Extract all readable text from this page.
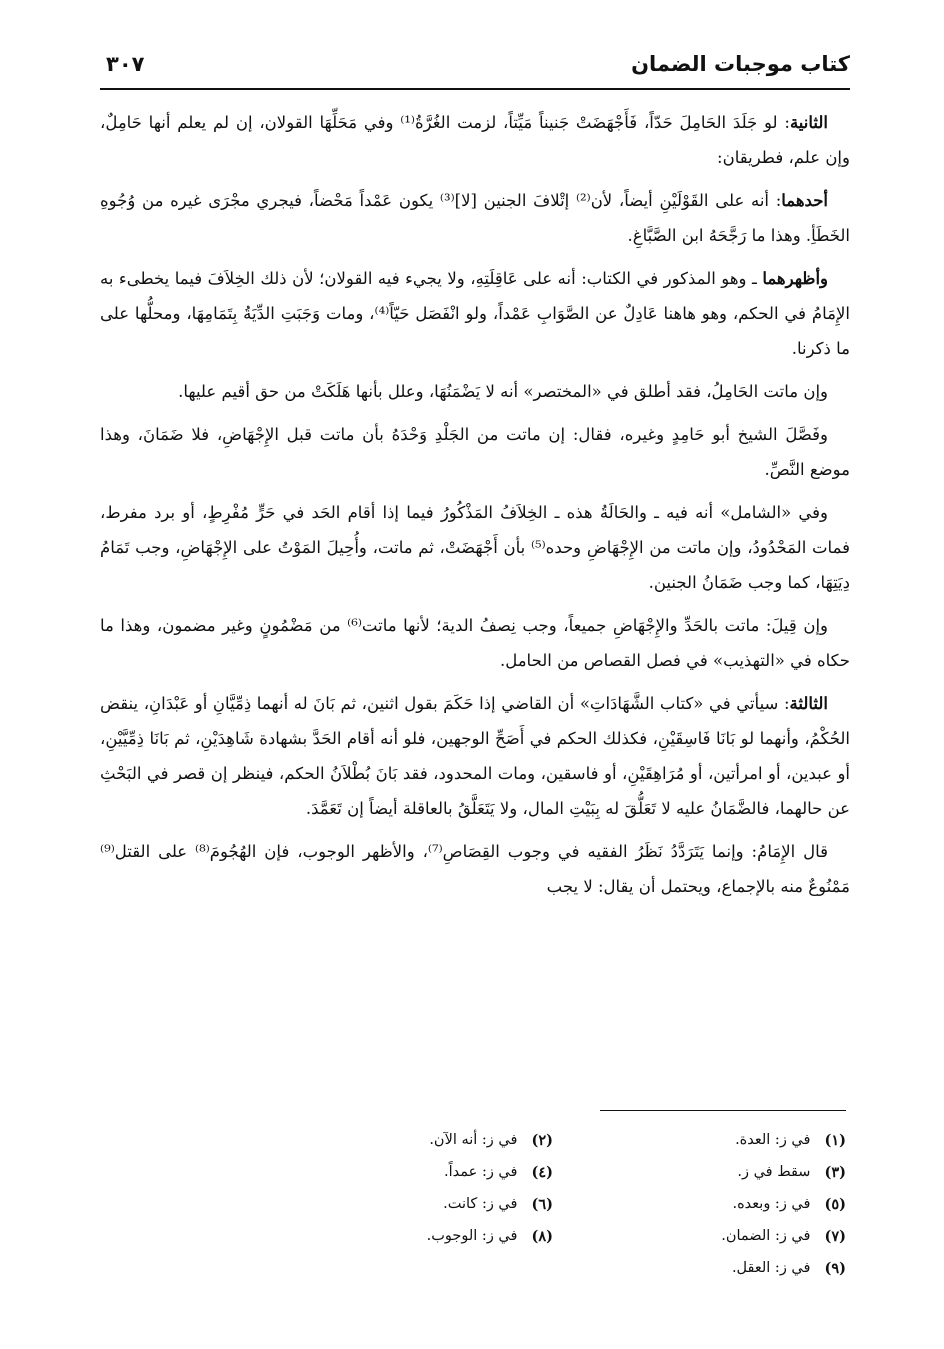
كتاب موجبات الضمان
٣٠٧

الثانية: لو جَلَدَ الحَامِلَ حَدّاً، فَأَجْهَضَتْ جَنيناً مَيِّتاً، لزمت الغُرَّةُ⁽¹⁾ وفي مَحَلِّهَا القولان، إن لم يعلم أنها حَامِلٌ، وإن علم، فطريقان:

أحدهما: أنه على القَوْلَيْنِ أيضاً، لأن⁽²⁾ إتْلافَ الجنين [لا]⁽³⁾ يكون عَمْداً مَحْضاً، فيجري مجْرَى غيره من وُجُوهِ الخَطَأِ. وهذا ما رَجَّحَهُ ابن الصَّبَّاغِ.

وأظهرهما ـ وهو المذكور في الكتاب: أنه على عَاقِلَتِهِ، ولا يجيء فيه القولان؛ لأن ذلك الخِلاَفَ فيما يخطىء به الإِمَامُ في الحكم، وهو هاهنا عَادِلٌ عن الصَّوَابِ عَمْداً، ولو انْفَصَل حَيّاً⁽⁴⁾، ومات وَجَبَتِ الدِّيَةُ بِتَمَامِهَا، ومحلُّها على ما ذكرنا.

وإن ماتت الحَامِلُ، فقد أطلق في «المختصر» أنه لا يَضْمَنُهَا، وعلل بأنها هَلَكَتْ من حق أقيم عليها.

وفَصَّلَ الشيخ أبو حَامِدٍ وغيره، فقال: إن ماتت من الجَلْدِ وَحْدَهُ بأن ماتت قبل الإِجْهَاضِ، فلا ضَمَانَ، وهذا موضع النَّصِّ.

وفي «الشامل» أنه فيه ـ والحَالَةُ هذه ـ الخِلاَفُ المَذْكُورُ فيما إذا أقام الحَد في حَرٍّ مُفْرِطٍ، أو برد مفرط، فمات المَحْدُودُ، وإن ماتت من الإِجْهَاضِ وحده⁽⁵⁾ بأن أَجْهَضَتْ، ثم ماتت، وأُحِيلَ المَوْتُ على الإِجْهَاضِ، وجب تَمَامُ دِيَتِهَا، كما وجب ضَمَانُ الجنين.

وإن قِيلَ: ماتت بالحَدِّ والإِجْهَاضِ جميعاً، وجب نِصفُ الدية؛ لأنها ماتت⁽⁶⁾ من مَضْمُونٍ وغير مضمون، وهذا ما حكاه في «التهذيب» في فصل القصاص من الحامل.

الثالثة: سيأتي في «كتاب الشَّهَادَاتِ» أن القاضي إذا حَكَمَ بقول اثنين، ثم بَانَ له أنهما ذِمِّيَّانِ أو عَبْدَانِ، ينقض الحُكْمُ، وأنهما لو بَانَا فَاسِقَيْنِ، فكذلك الحكم في أَصَحِّ الوجهين، فلو أنه أقام الحَدَّ بشهادة شَاهِدَيْنِ، ثم بَانَا ذِمِّيَّيْنِ، أو عبدين، أو امرأتين، أو مُرَاهِقَيْنِ، أو فاسقين، ومات المحدود، فقد بَانَ بُطْلاَنُ الحكم، فينظر إن قصر في البَحْثِ عن حالهما، فالضَّمَانُ عليه لا تَعَلُّقَ له بِبَيْتِ المال، ولا يَتَعَلَّقُ بالعاقلة أيضاً إن تَعَمَّدَ.

قال الإِمَامُ: وإنما يَتَرَدَّدُ نَظَرُ الفقيه في وجوب القِصَاصِ⁽⁷⁾، والأظهر الوجوب، فإن الهُجُومَ⁽⁸⁾ على القتل⁽⁹⁾ مَمْنُوعٌ منه بالإجماع، ويحتمل أن يقال: لا يجب

(١)
في ز: العدة.
(٢)
في ز: أنه الآن.
(٣)
سقط في ز.
(٤)
في ز: عمداً.
(٥)
في ز: وبعده.
(٦)
في ز: كانت.
(٧)
في ز: الضمان.
(٨)
في ز: الوجوب.
(٩)
في ز: العقل.
